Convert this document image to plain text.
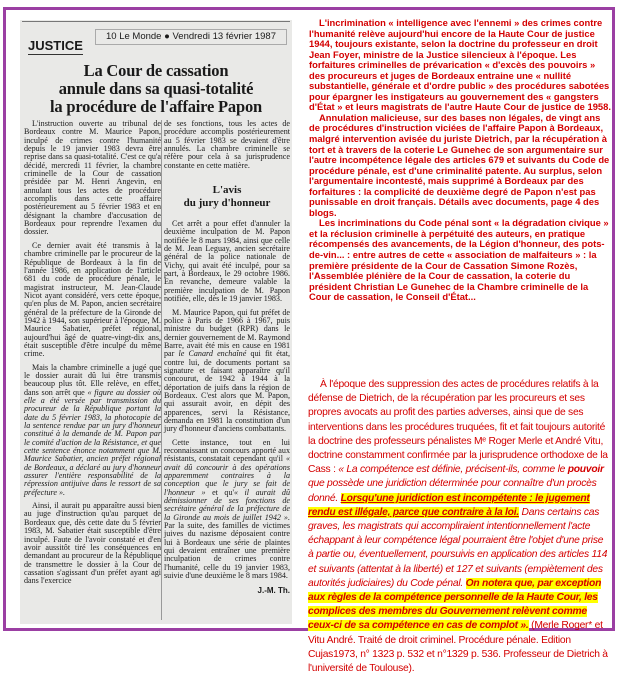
10 Le Monde ● Vendredi 13 février 1987
JUSTICE
La Cour de cassation
annule dans sa quasi-totalité
la procédure de l'affaire Papon

L'instruction ouverte au tribunal de Bordeaux contre M. Maurice Papon, inculpé de crimes contre l'humanité depuis le 19 janvier 1983 devra être reprise dans sa quasi-totalité. C'est ce qu'a décidé, mercredi 11 février, la chambre criminelle de la Cour de cassation présidée par M. Henri Angevin, en annulant tous les actes de procédure accomplis dans cette affaire postérieurement au 5 février 1983 et en désignant la chambre d'accusation de Bordeaux pour reprendre l'examen du dossier.

Ce dernier avait été transmis à la chambre criminelle par le procureur de la République de Bordeaux à la fin de l'année 1986, en application de l'article 681 du code de procédure pénale, le magistrat instructeur, M. Jean-Claude Nicot ayant considéré, vers cette époque, qu'en plus de M. Papon, ancien secrétaire général de la préfecture de la Gironde de 1942 à 1944, son supérieur à l'époque, M. Maurice Sabatier, préfet régional, aujourd'hui âgé de quatre-vingt-dix ans, était susceptible d'être inculpé du même crime.

Mais la chambre criminelle a jugé que le dossier aurait dû lui être transmis beaucoup plus tôt. Elle relève, en effet, dans son arrêt que « figure au dossier où elle a été versée par transmission du procureur de la République portant la date du 5 février 1983, la photocopie de la sentence rendue par un jury d'honneur constitué à la demande de M. Papon par le comité d'action de la Résistance, et que cette sentence énonce notamment que M. Maurice Sabatier, ancien préfet régional de Bordeaux, a déclaré au jury d'honneur assurer l'entière responsabilité de la répression antijuive dans le ressort de sa préfecture ».

Ainsi, il aurait pu apparaître aussi bien au juge d'instruction qu'au parquet de Bordeaux que, dès cette date du 5 février 1983, M. Sabatier était susceptible d'être inculpé. Faute de l'avoir constaté et d'en avoir aussitôt tiré les conséquences en demandant au procureur de la République de transmettre le dossier à la Cour de cassation s'agissant d'un préfet ayant agi dans l'exercice

de ses fonctions, tous les actes de procédure accomplis postérieurement au 5 février 1983 se devaient d'être annulés. La chambre criminelle se réfère pour cela à sa jurisprudence constante en cette matière.

L'avis
du jury d'honneur

Cet arrêt a pour effet d'annuler la deuxième inculpation de M. Papon notifiée le 8 mars 1984, ainsi que celle de M. Jean Leguay, ancien secrétaire général de la police nationale de Vichy, qui avait été inculpé, pour sa part, à Bordeaux, le 29 octobre 1986. En revanche, demeure valable la première inculpation de M. Papon notifiée, elle, dès le 19 janvier 1983.

M. Maurice Papon, qui fut préfet de police à Paris de 1966 à 1967, puis ministre du budget (RPR) dans le dernier gouvernement de M. Raymond Barre, avait été mis en cause en 1981 par le Canard enchaîné qui fit état, contre lui, de documents portant sa signature et faisant apparaître qu'il concourut, de 1942 à 1944 à la déportation de juifs dans la région de Bordeaux. C'est alors que M. Papon, qui assurait avoir, en dépit des apparences, servi la Résistance, demanda en 1981 la constitution d'un jury d'honneur d'anciens combattants.

Cette instance, tout en lui reconnaissant un concours apporté aux résistants, constatait cependant qu'il « avait dû concourir à des opérations apparemment contraires à la conception que le jury se fait de l'honneur » et qu'« il aurait dû démissionner de ses fonctions de secrétaire général de la préfecture de la Gironde au mois de juillet 1942 ». Par la suite, des familles de victimes juives du nazisme déposaient contre lui à Bordeaux une série de plaintes qui devaient entraîner une première inculpation de crimes contre l'humanité, celle du 19 janvier 1983, suivie d'une deuxième le 8 mars 1984.

J.-M. Th.

L'incrimination « intelligence avec l'ennemi » des crimes contre l'humanité relève aujourd'hui encore de la Haute Cour de justice 1944, toujours existante, selon la doctrine du professeur en droit Jean Foyer, ministre de la Justice silencieux à l'époque. Les forfaitures criminelles de prévarication « d'excès des pouvoirs » des procureurs et juges de Bordeaux entraine une « nullité substantielle, générale et d'ordre public » des procédures sabotées pour épargner les instigateurs au gouvernement des « gangsters d'État » et leurs magistrats de l'autre Haute Cour de justice de 1958.

Annulation malicieuse, sur des bases non légales, de vingt ans de procédures d'instruction viciées de l'affaire Papon à Bordeaux, malgré intervention avisée du juriste Dietrich, par la récupération à tort et à travers de la coterie Le Gunehec de son argumentaire sur l'autre incompétence légale des articles 679 et suivants du Code de procédure pénale, est d'une criminalité patente. Au surplus, selon l'argumentaire incontesté, mais supprimé à Bordeaux par des forfaitures : la complicité de deuxième degré de Papon n'est pas punissable en droit français. Détails avec documents, page 4 des blogs.

Les incriminations du Code pénal sont « la dégradation civique » et la réclusion criminelle à perpétuité des auteurs, en pratique récompensés des avancements, de la Légion d'honneur, des pots-de-vin... : entre autres de cette « association de malfaiteurs » : la première présidente de la Cour de Cassation Simone Rozès, l'Assemblée plénière de la Cour de cassation, la coterie du président Christian Le Gunehec de la Chambre criminelle de la Cour de cassation, le Conseil d'État...

À l'époque des suppression des actes de procédures relatifs à la défense de Dietrich, de la récupération par les procureurs et ses propres avocats au profit des parties adverses, ainsi que de ses interventions dans les procédures truquées, fit et fait toujours autorité la doctrine des professeurs pénalistes Mᵉ Roger Merle et André Vitu, doctrine constamment confirmée par la jurisprudence orthodoxe de la Cass : « La compétence est définie, précisent-ils, comme le pouvoir que possède une juridiction déterminée pour connaître d'un procès donné. Lorsqu'une juridiction est incompétente : le jugement rendu est illégale, parce que contraire à la loi. Dans certains cas graves, les magistrats qui accompliraient intentionnellement l'acte échappant à leur compétence légal pourraient être l'objet d'une prise à partie ou, éventuellement, poursuivis en application des articles 114 et suivants (attentat à la liberté) et 127 et suivants (empiètement des autorités judiciaires) du Code pénal. On notera que, par exception aux règles de la compétence personnelle de la Haute Cour, les complices des membres du Gouvernement relèvent comme ceux-ci de sa compétence en cas de complot ». (Merle Roger* et Vitu André. Traité de droit criminel. Procédure pénale. Edition Cujas1973, n° 1323 p. 532 et n°1329 p. 536. Professeur de Dietrich à l'université de Toulouse).
